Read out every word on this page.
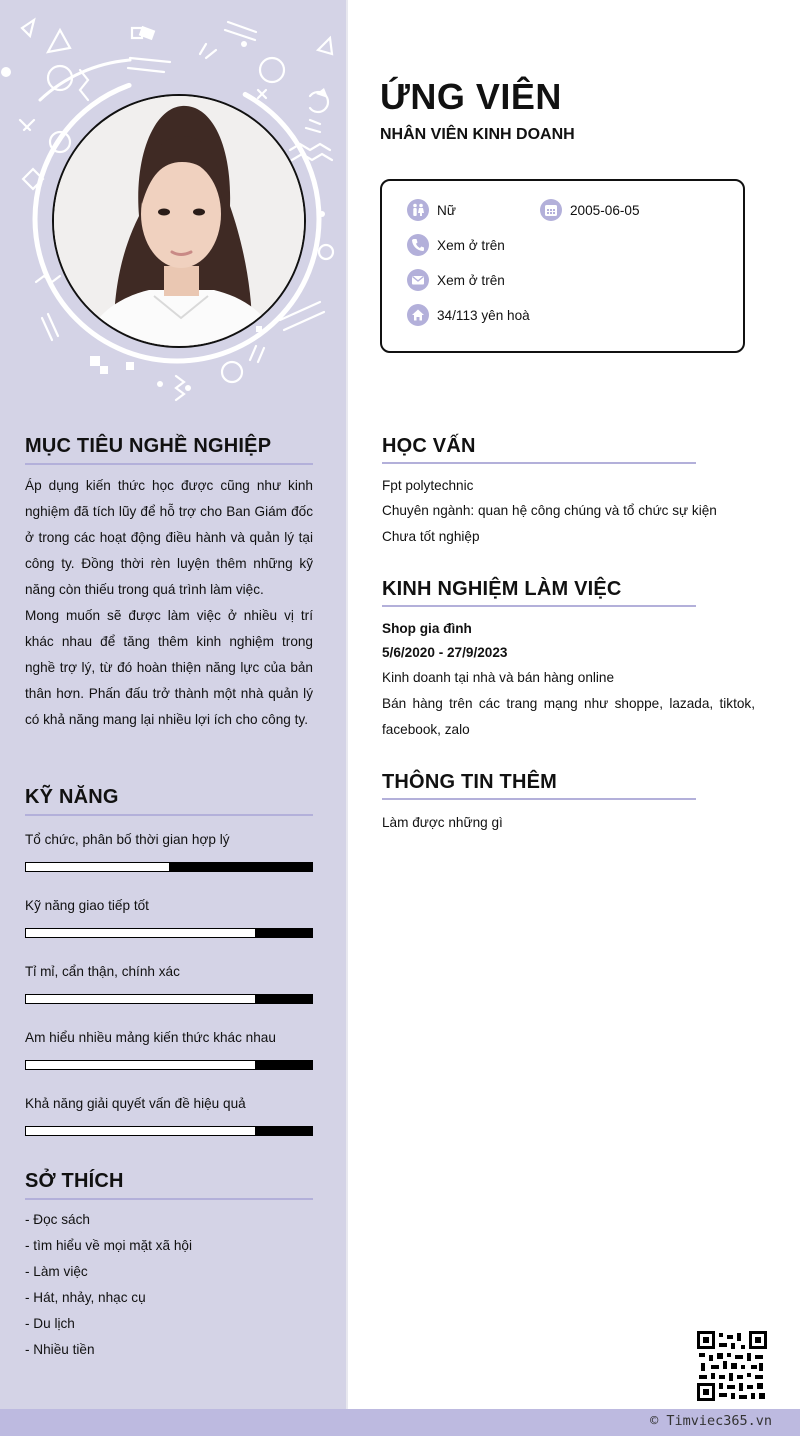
MỤC TIÊU NGHỀ NGHIỆP

Áp dụng kiến thức học được cũng như kinh nghiệm đã tích lũy để hỗ trợ cho Ban Giám đốc ở trong các hoạt động điều hành và quản lý tại công ty. Đồng thời rèn luyện thêm những kỹ năng còn thiếu trong quá trình làm việc.

Mong muốn sẽ được làm việc ở nhiều vị trí khác nhau để tăng thêm kinh nghiệm trong nghề trợ lý, từ đó hoàn thiện năng lực của bản thân hơn. Phấn đấu trở thành một nhà quản lý có khả năng mang lại nhiều lợi ích cho công ty.

KỸ NĂNG
Tổ chức, phân bố thời gian hợp lý
Kỹ năng giao tiếp tốt
Tỉ mỉ, cẩn thận, chính xác
Am hiểu nhiều mảng kiến thức khác nhau
Khả năng giải quyết vấn đề hiệu quả
SỞ THÍCH
- Đọc sách
- tìm hiểu về mọi mặt xã hội
- Làm việc
- Hát, nhảy, nhạc cụ
- Du lịch
- Nhiều tiền
ỨNG VIÊN
NHÂN VIÊN KINH DOANH
Nữ	2005-06-05
Xem ở trên
Xem ở trên
34/113 yên hoà
HỌC VẤN
Fpt polytechnic
Chuyên ngành: quan hệ công chúng và tổ chức sự kiện
Chưa tốt nghiệp
KINH NGHIỆM LÀM VIỆC
Shop gia đình
5/6/2020 - 27/9/2023
Kinh doanh tại nhà và bán hàng online
Bán hàng trên các trang mạng như shoppe, lazada, tiktok, facebook, zalo
THÔNG TIN THÊM
Làm được những gì
© Timviec365.vn
